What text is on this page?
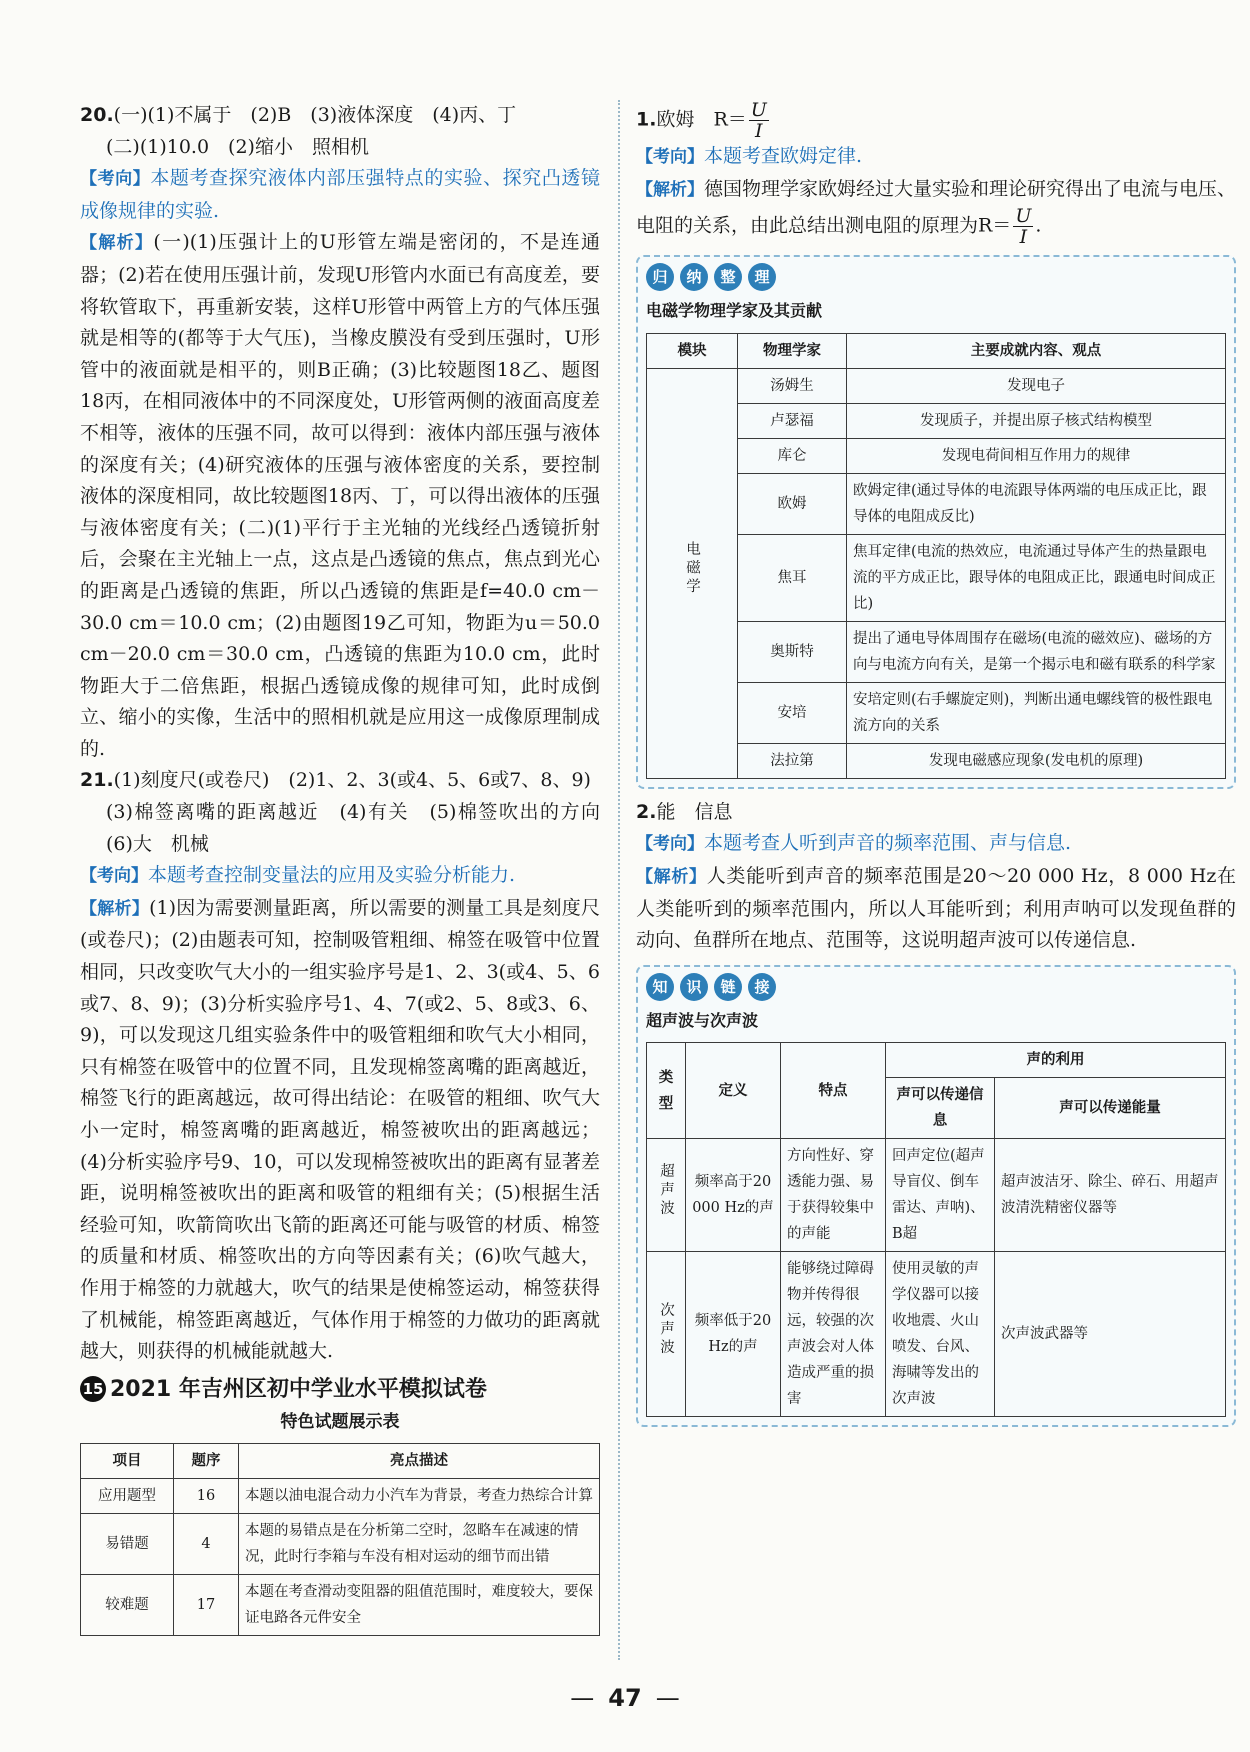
20.(一)(1)不属于　(2)B　(3)液体深度　(4)丙、丁

(二)(1)10.0　(2)缩小　照相机

【考向】本题考查探究液体内部压强特点的实验、探究凸透镜成像规律的实验.

【解析】(一)(1)压强计上的U形管左端是密闭的，不是连通器；(2)若在使用压强计前，发现U形管内水面已有高度差，要将软管取下，再重新安装，这样U形管中两管上方的气体压强就是相等的(都等于大气压)，当橡皮膜没有受到压强时，U形管中的液面就是相平的，则B正确；(3)比较题图18乙、题图18丙，在相同液体中的不同深度处，U形管两侧的液面高度差不相等，液体的压强不同，故可以得到：液体内部压强与液体的深度有关；(4)研究液体的压强与液体密度的关系，要控制液体的深度相同，故比较题图18丙、丁，可以得出液体的压强与液体密度有关；(二)(1)平行于主光轴的光线经凸透镜折射后，会聚在主光轴上一点，这点是凸透镜的焦点，焦点到光心的距离是凸透镜的焦距，所以凸透镜的焦距是f=40.0 cm－30.0 cm＝10.0 cm；(2)由题图19乙可知，物距为u＝50.0 cm－20.0 cm＝30.0 cm，凸透镜的焦距为10.0 cm，此时物距大于二倍焦距，根据凸透镜成像的规律可知，此时成倒立、缩小的实像，生活中的照相机就是应用这一成像原理制成的.

21.(1)刻度尺(或卷尺)　(2)1、2、3(或4、5、6或7、8、9)

(3)棉签离嘴的距离越近　(4)有关　(5)棉签吹出的方向　(6)大　机械

【考向】本题考查控制变量法的应用及实验分析能力.

【解析】(1)因为需要测量距离，所以需要的测量工具是刻度尺(或卷尺)；(2)由题表可知，控制吸管粗细、棉签在吸管中位置相同，只改变吹气大小的一组实验序号是1、2、3(或4、5、6或7、8、9)；(3)分析实验序号1、4、7(或2、5、8或3、6、9)，可以发现这几组实验条件中的吸管粗细和吹气大小相同，只有棉签在吸管中的位置不同，且发现棉签离嘴的距离越近，棉签飞行的距离越远，故可得出结论：在吸管的粗细、吹气大小一定时，棉签离嘴的距离越近，棉签被吹出的距离越远；(4)分析实验序号9、10，可以发现棉签被吹出的距离有显著差距，说明棉签被吹出的距离和吸管的粗细有关；(5)根据生活经验可知，吹箭筒吹出飞箭的距离还可能与吸管的材质、棉签的质量和材质、棉签吹出的方向等因素有关；(6)吹气越大，作用于棉签的力就越大，吹气的结果是使棉签运动，棉签获得了机械能，棉签距离越近，气体作用于棉签的力做功的距离就越大，则获得的机械能就越大.

15 2021 年吉州区初中学业水平模拟试卷
特色试题展示表
项目	题序	亮点描述
应用题型	16	本题以油电混合动力小汽车为背景，考查力热综合计算
易错题	4	本题的易错点是在分析第二空时，忽略车在减速的情况，此时行李箱与车没有相对运动的细节而出错
较难题	17	本题在考查滑动变阻器的阻值范围时，难度较大，要保证电路各元件安全

1.欧姆　$R= \frac{U}{I}$

【考向】本题考查欧姆定律.

【解析】德国物理学家欧姆经过大量实验和理论研究得出了电流与电压、电阻的关系，由此总结出测电阻的原理为$R= \frac{U}{I}$ .

归	纳	整	理
电磁学物理学家及其贡献
模块	物理学家	主要成就内容、观点
电磁学	汤姆生	发现电子
	卢瑟福	发现质子，并提出原子核式结构模型
	库仑	发现电荷间相互作用力的规律
	欧姆	欧姆定律(通过导体的电流跟导体两端的电压成正比，跟导体的电阻成反比)
	焦耳	焦耳定律(电流的热效应，电流通过导体产生的热量跟电流的平方成正比，跟导体的电阻成正比，跟通电时间成正比)
	奥斯特	提出了通电导体周围存在磁场(电流的磁效应)、磁场的方向与电流方向有关，是第一个揭示电和磁有联系的科学家
	安培	安培定则(右手螺旋定则)，判断出通电螺线管的极性跟电流方向的关系
	法拉第	发现电磁感应现象(发电机的原理)

2.能　信息

【考向】本题考查人听到声音的频率范围、声与信息.

【解析】人类能听到声音的频率范围是20～20 000 Hz，8 000 Hz在人类能听到的频率范围内，所以人耳能听到；利用声呐可以发现鱼群的动向、鱼群所在地点、范围等，这说明超声波可以传递信息.

知	识	链	接
超声波与次声波
类型	定义	特点	声的利用	
			声可以传递信息	声可以传递能量
超声波	频率高于20 000 Hz的声	方向性好、穿透能力强、易于获得较集中的声能	回声定位(超声导盲仪、倒车雷达、声呐)、B超	超声波洁牙、除尘、碎石、用超声波清洗精密仪器等
次声波	频率低于20 Hz的声	能够绕过障碍物并传得很远，较强的次声波会对人体造成严重的损害	使用灵敏的声学仪器可以接收地震、火山喷发、台风、海啸等发出的次声波	次声波武器等
— 47 —
